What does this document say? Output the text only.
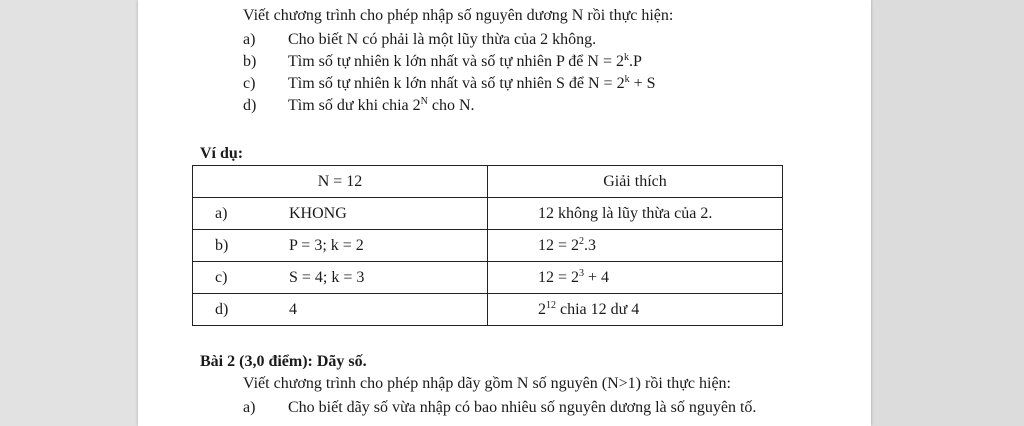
Viết chương trình cho phép nhập số nguyên dương N rồi thực hiện:
a) Cho biết N có phải là một lũy thừa của 2 không.
b) Tìm số tự nhiên k lớn nhất và số tự nhiên P để $N = 2^k.P$
c) Tìm số tự nhiên k lớn nhất và số tự nhiên S để $N = 2^k + S$
d) Tìm số dư khi chia $2^N$ cho N.
Ví dụ:
N = 12	Giải thích

a) KHONG	12 không là lũy thừa của 2.

b) P = 3; k = 2	$12 = 2^2.3$

c) S = 4; k = 3	$12 = 2^3 + 4$

d) 4	$2^{12}$ chia 12 dư 4
Bài 2 (3,0 điểm): Dãy số.
Viết chương trình cho phép nhập dãy gồm N số nguyên (N>1) rồi thực hiện:
a) Cho biết dãy số vừa nhập có bao nhiêu số nguyên dương là số nguyên tố.
